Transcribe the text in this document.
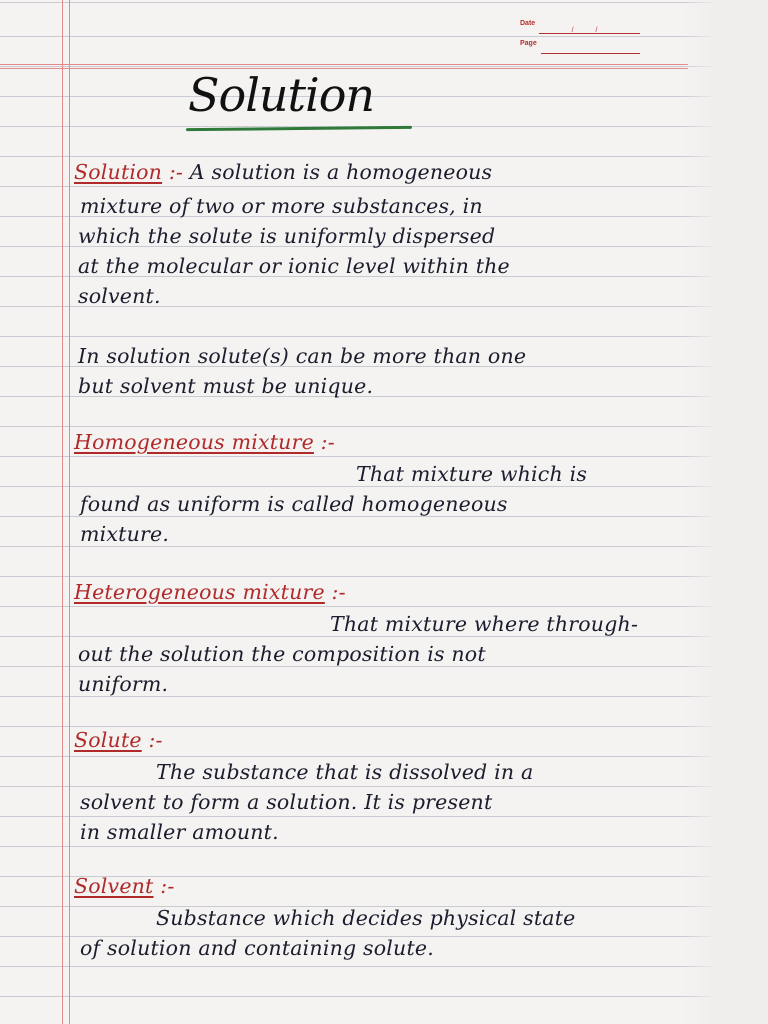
Date
/ /
Page
Solution
Solution :- A solution is a homogeneous
mixture of two or more substances, in
which the solute is uniformly dispersed
at the molecular or ionic level within the
solvent.
In solution solute(s) can be more than one
but solvent must be unique.
Homogeneous mixture :-
That mixture which is
found as uniform is called homogeneous
mixture.
Heterogeneous mixture :-
That mixture where through-
out the solution the composition is not
uniform.
Solute :-
The substance that is dissolved in a
solvent to form a solution. It is present
in smaller amount.
Solvent :-
Substance which decides physical state
of solution and containing solute.
